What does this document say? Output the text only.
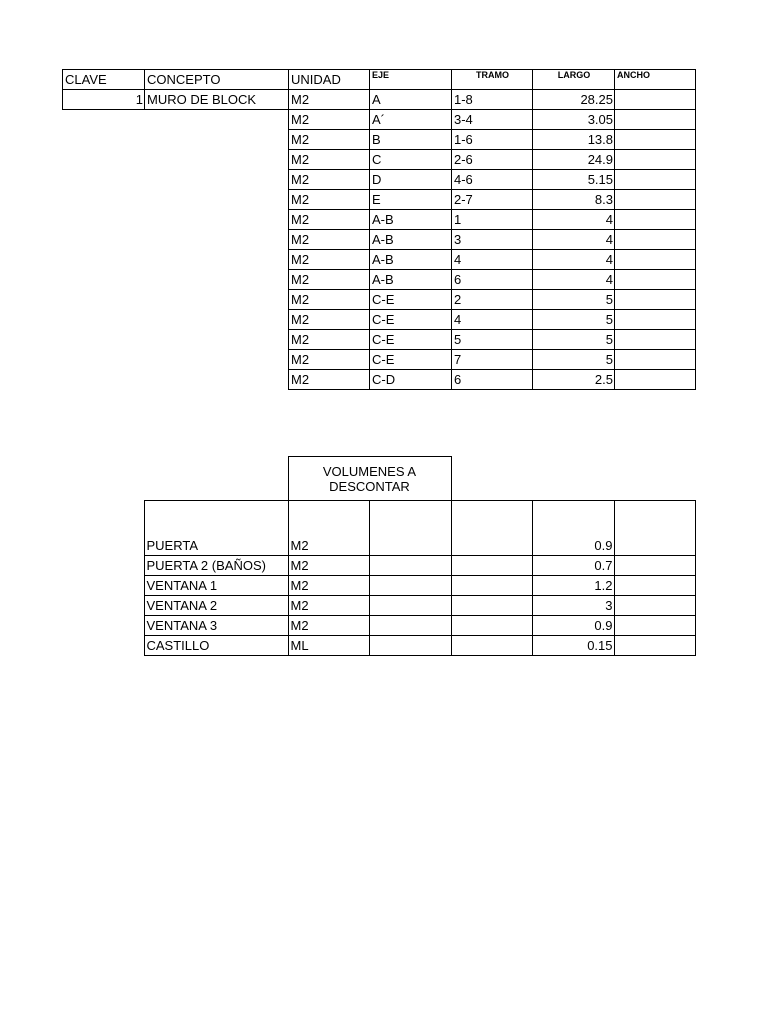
CLAVE	CONCEPTO	UNIDAD	EJE	TRAMO	LARGO	ANCHO
1	MURO DE BLOCK	M2	A	1-8	28.25	
		M2	A´	3-4	3.05	
		M2	B	1-6	13.8	
		M2	C	2-6	24.9	
		M2	D	4-6	5.15	
		M2	E	2-7	8.3	
		M2	A-B	1	4	
		M2	A-B	3	4	
		M2	A-B	4	4	
		M2	A-B	6	4	
		M2	C-E	2	5	
		M2	C-E	4	5	
		M2	C-E	5	5	
		M2	C-E	7	5	
		M2	C-D	6	2.5	
		VOLUMENES A DESCONTAR				
	PUERTA	M2			0.9	
	PUERTA 2 (BAÑOS)	M2			0.7	
	VENTANA 1	M2			1.2	
	VENTANA 2	M2			3	
	VENTANA 3	M2			0.9	
	CASTILLO	ML			0.15	
